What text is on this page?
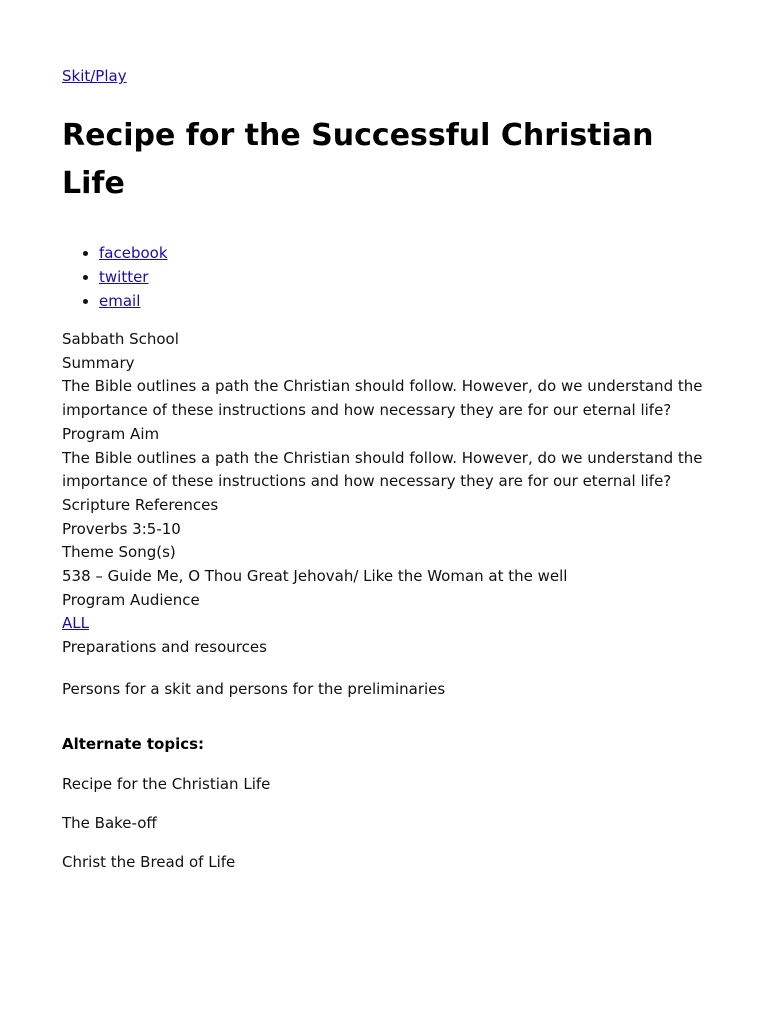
Skit/Play
Recipe for the Successful Christian Life
• facebook
• twitter
• email
Sabbath School
Summary
The Bible outlines a path the Christian should follow. However, do we understand the importance of these instructions and how necessary they are for our eternal life?
Program Aim
The Bible outlines a path the Christian should follow. However, do we understand the importance of these instructions and how necessary they are for our eternal life?
Scripture References
Proverbs 3:5-10
Theme Song(s)
538 – Guide Me, O Thou Great Jehovah/ Like the Woman at the well
Program Audience
ALL
Preparations and resources

Persons for a skit and persons for the preliminaries

Alternate topics:

Recipe for the Christian Life

The Bake-off

Christ the Bread of Life
